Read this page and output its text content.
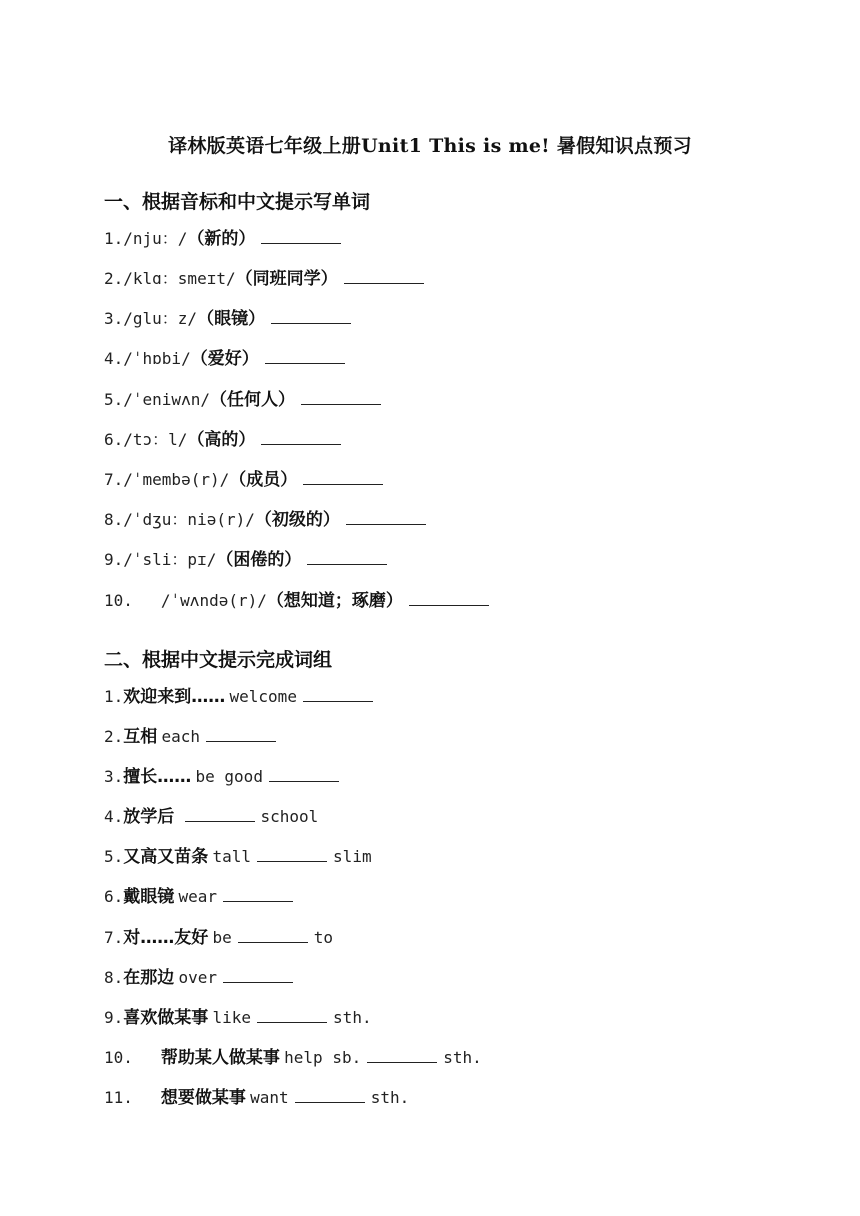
译林版英语七年级上册Unit1 This is me! 暑假知识点预习
一、根据音标和中文提示写单词
1./nju：/（新的）
2./klɑ：smeɪt/（同班同学）
3./glu：z/（眼镜）
4./ˈhɒbi/（爱好）
5./ˈeniwʌn/（任何人）
6./tɔ：l/（高的）
7./ˈmembə(r)/（成员）
8./ˈdʒu：niə(r)/（初级的）
9./ˈsli：pɪ/（困倦的）
10. /ˈwʌndə(r)/（想知道；琢磨）
二、根据中文提示完成词组
1.欢迎来到…… welcome
2.互相 each
3.擅长…… be good
4.放学后	school
5.又高又苗条 tall	slim
6.戴眼镜 wear
7.对……友好 be	to
8.在那边 over
9.喜欢做某事 like	sth.
10. 帮助某人做某事 help sb.	sth.
11. 想要做某事 want	sth.
